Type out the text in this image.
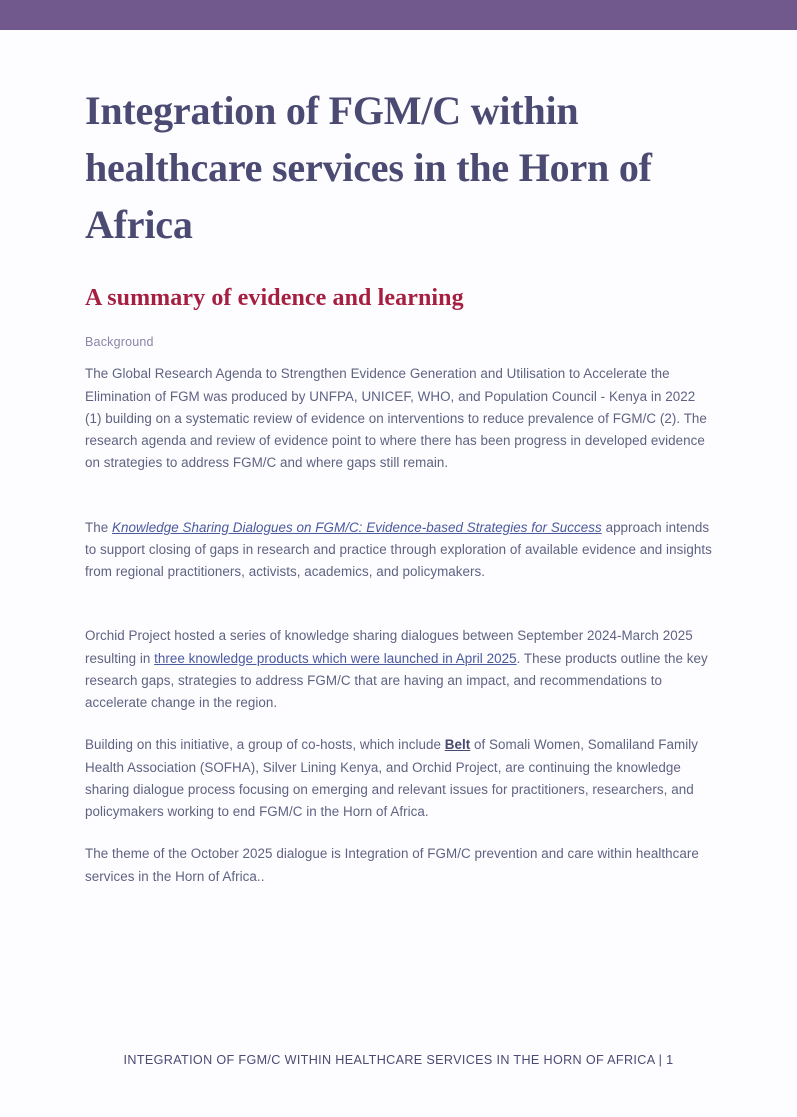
Integration of FGM/C within healthcare services in the Horn of Africa
A summary of evidence and learning
Background

The Global Research Agenda to Strengthen Evidence Generation and Utilisation to Accelerate the Elimination of FGM was produced by UNFPA, UNICEF, WHO, and Population Council - Kenya in 2022 (1) building on a systematic review of evidence on interventions to reduce prevalence of FGM/C (2). The research agenda and review of evidence point to where there has been progress in developed evidence on strategies to address FGM/C and where gaps still remain.

The Knowledge Sharing Dialogues on FGM/C: Evidence-based Strategies for Success approach intends to support closing of gaps in research and practice through exploration of available evidence and insights from regional practitioners, activists, academics, and policymakers.

Orchid Project hosted a series of knowledge sharing dialogues between September 2024-March 2025 resulting in three knowledge products which were launched in April 2025. These products outline the key research gaps, strategies to address FGM/C that are having an impact, and recommendations to accelerate change in the region.

Building on this initiative, a group of co-hosts, which include Belt of Somali Women, Somaliland Family Health Association (SOFHA), Silver Lining Kenya, and Orchid Project, are continuing the knowledge sharing dialogue process focusing on emerging and relevant issues for practitioners, researchers, and policymakers working to end FGM/C in the Horn of Africa.

The theme of the October 2025 dialogue is Integration of FGM/C prevention and care within healthcare services in the Horn of Africa..

INTEGRATION OF FGM/C WITHIN HEALTHCARE SERVICES IN THE HORN OF AFRICA | 1
